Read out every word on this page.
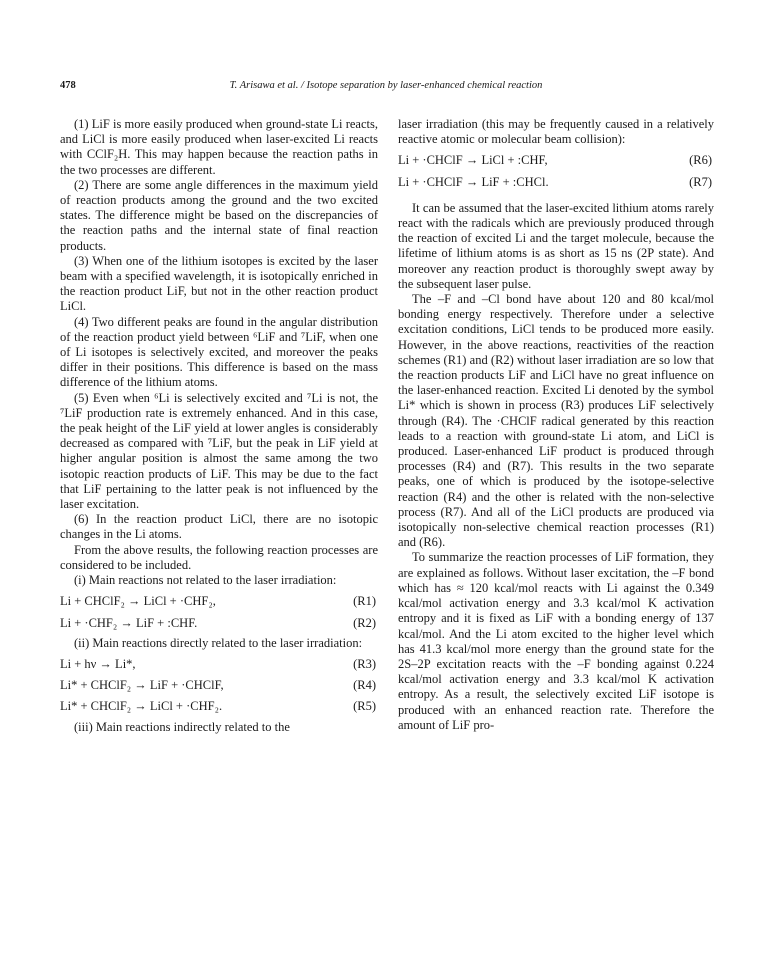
478	T. Arisawa et al. / Isotope separation by laser-enhanced chemical reaction

(1) LiF is more easily produced when ground-state Li reacts, and LiCl is more easily produced when laser-excited Li reacts with CClF₂H. This may happen because the reaction paths in the two processes are different.

(2) There are some angle differences in the maximum yield of reaction products among the ground and the two excited states. The difference might be based on the discrepancies of the reaction paths and the internal state of final reaction products.

(3) When one of the lithium isotopes is excited by the laser beam with a specified wavelength, it is isotopically enriched in the reaction product LiF, but not in the other reaction product LiCl.

(4) Two different peaks are found in the angular distribution of the reaction product yield between ⁶LiF and ⁷LiF, when one of Li isotopes is selectively excited, and moreover the peaks differ in their positions. This difference is based on the mass difference of the lithium atoms.

(5) Even when ⁶Li is selectively excited and ⁷Li is not, the ⁷LiF production rate is extremely enhanced. And in this case, the peak height of the LiF yield at lower angles is considerably decreased as compared with ⁷LiF, but the peak in LiF yield at higher angular position is almost the same among the two isotopic reaction products of LiF. This may be due to the fact that LiF pertaining to the latter peak is not influenced by the laser excitation.

(6) In the reaction product LiCl, there are no isotopic changes in the Li atoms.

From the above results, the following reaction processes are considered to be included.

(i) Main reactions not related to the laser irradiation:

Li + CHClF₂ → LiCl + ·CHF₂,	(R1)
Li + ·CHF₂ → LiF + :CHF.	(R2)

(ii) Main reactions directly related to the laser irradiation:

Li + hν → Li*,	(R3)
Li* + CHClF₂ → LiF + ·CHClF,	(R4)
Li* + CHClF₂ → LiCl + ·CHF₂.	(R5)

(iii) Main reactions indirectly related to the

laser irradiation (this may be frequently caused in a relatively reactive atomic or molecular beam collision):

Li + ·CHClF → LiCl + :CHF,	(R6)
Li + ·CHClF → LiF + :CHCl.	(R7)

It can be assumed that the laser-excited lithium atoms rarely react with the radicals which are previously produced through the reaction of excited Li and the target molecule, because the lifetime of lithium atoms is as short as 15 ns (2P state). And moreover any reaction product is thoroughly swept away by the subsequent laser pulse.

The –F and –Cl bond have about 120 and 80 kcal/mol bonding energy respectively. Therefore under a selective excitation conditions, LiCl tends to be produced more easily. However, in the above reactions, reactivities of the reaction schemes (R1) and (R2) without laser irradiation are so low that the reaction products LiF and LiCl have no great influence on the laser-enhanced reaction. Excited Li denoted by the symbol Li* which is shown in process (R3) produces LiF selectively through (R4). The ·CHClF radical generated by this reaction leads to a reaction with ground-state Li atom, and LiCl is produced. Laser-enhanced LiF product is produced through processes (R4) and (R7). This results in the two separate peaks, one of which is produced by the isotope-selective reaction (R4) and the other is related with the non-selective process (R7). And all of the LiCl products are produced via isotopically non-selective chemical reaction processes (R1) and (R6).

To summarize the reaction processes of LiF formation, they are explained as follows. Without laser excitation, the –F bond which has ≈ 120 kcal/mol reacts with Li against the 0.349 kcal/mol activation energy and 3.3 kcal/mol K activation entropy and it is fixed as LiF with a bonding energy of 137 kcal/mol. And the Li atom excited to the higher level which has 41.3 kcal/mol more energy than the ground state for the 2S–2P excitation reacts with the –F bonding against 0.224 kcal/mol activation energy and 3.3 kcal/mol K activation entropy. As a result, the selectively excited LiF isotope is produced with an enhanced reaction rate. Therefore the amount of LiF pro-
